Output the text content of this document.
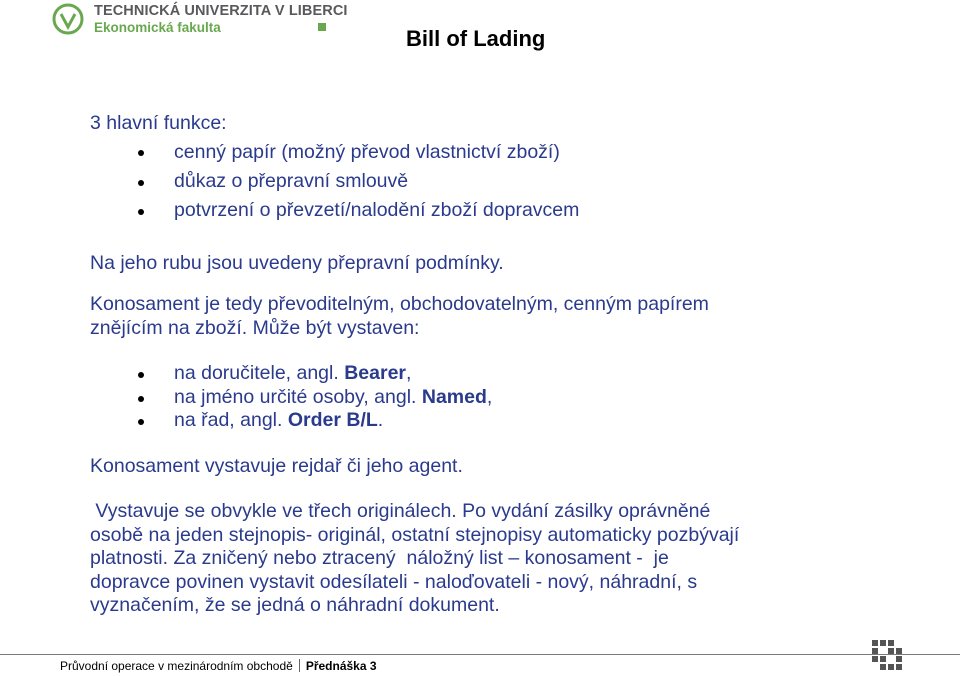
TECHNICKÁ UNIVERZITA V LIBERCI
Ekonomická fakulta	Bill of Lading
3 hlavní funkce:
cenný papír (možný převod vlastnictví zboží)
důkaz o přepravní smlouvě
potvrzení o převzetí/nalodění zboží dopravcem
Na jeho rubu jsou uvedeny přepravní podmínky.
Konosament je tedy převoditelným, obchodovatelným, cenným papírem
znějícím na zboží. Může být vystaven:
na doručitele, angl. Bearer,
na jméno určité osoby, angl. Named,
na řad, angl. Order B/L.
Konosament vystavuje rejdař či jeho agent.
Vystavuje se obvykle ve třech originálech. Po vydání zásilky oprávněné
osobě na jeden stejnopis- originál, ostatní stejnopisy automaticky pozbývají
platnosti. Za zničený nebo ztracený  náložný list – konosament -  je
dopravce povinen vystavit odesílateli - naloďovateli - nový, náhradní, s
vyznačením, že se jedná o náhradní dokument.
Průvodní operace v mezinárodním obchodě Přednáška 3
